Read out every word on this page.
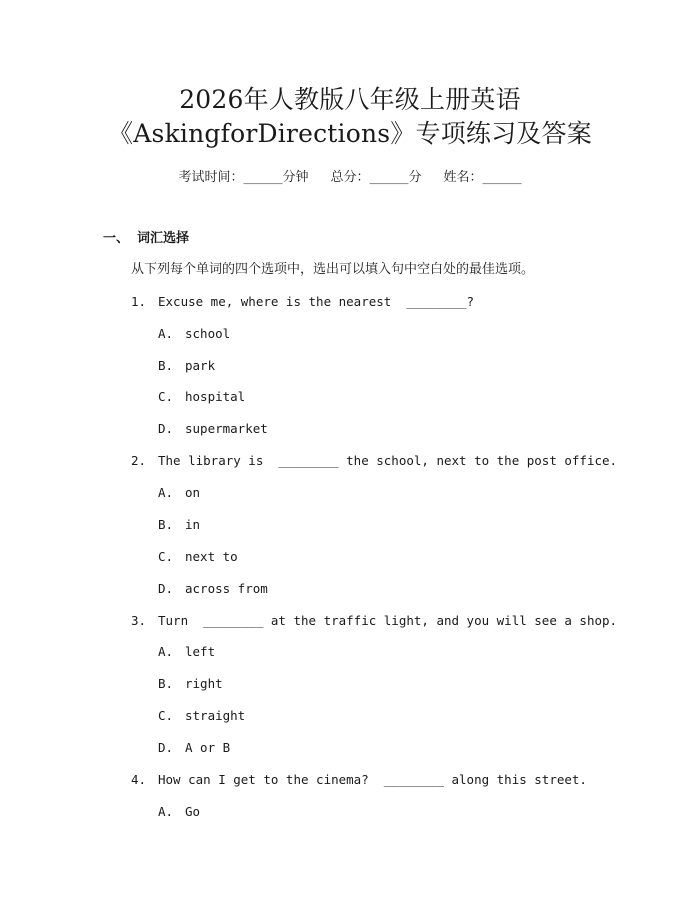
2026年人教版八年级上册英语
《AskingforDirections》专项练习及答案
考试时间：______分钟 总分：______分 姓名：______
一、 词汇选择
从下列每个单词的四个选项中，选出可以填入句中空白处的最佳选项。
1. Excuse me, where is the nearest  ________?
A. school
B. park
C. hospital
D. supermarket
2. The library is  ________ the school, next to the post office.
A. on
B. in
C. next to
D. across from
3. Turn  ________ at the traffic light, and you will see a shop.
A. left
B. right
C. straight
D. A or B
4. How can I get to the cinema?  ________ along this street.
A. Go
